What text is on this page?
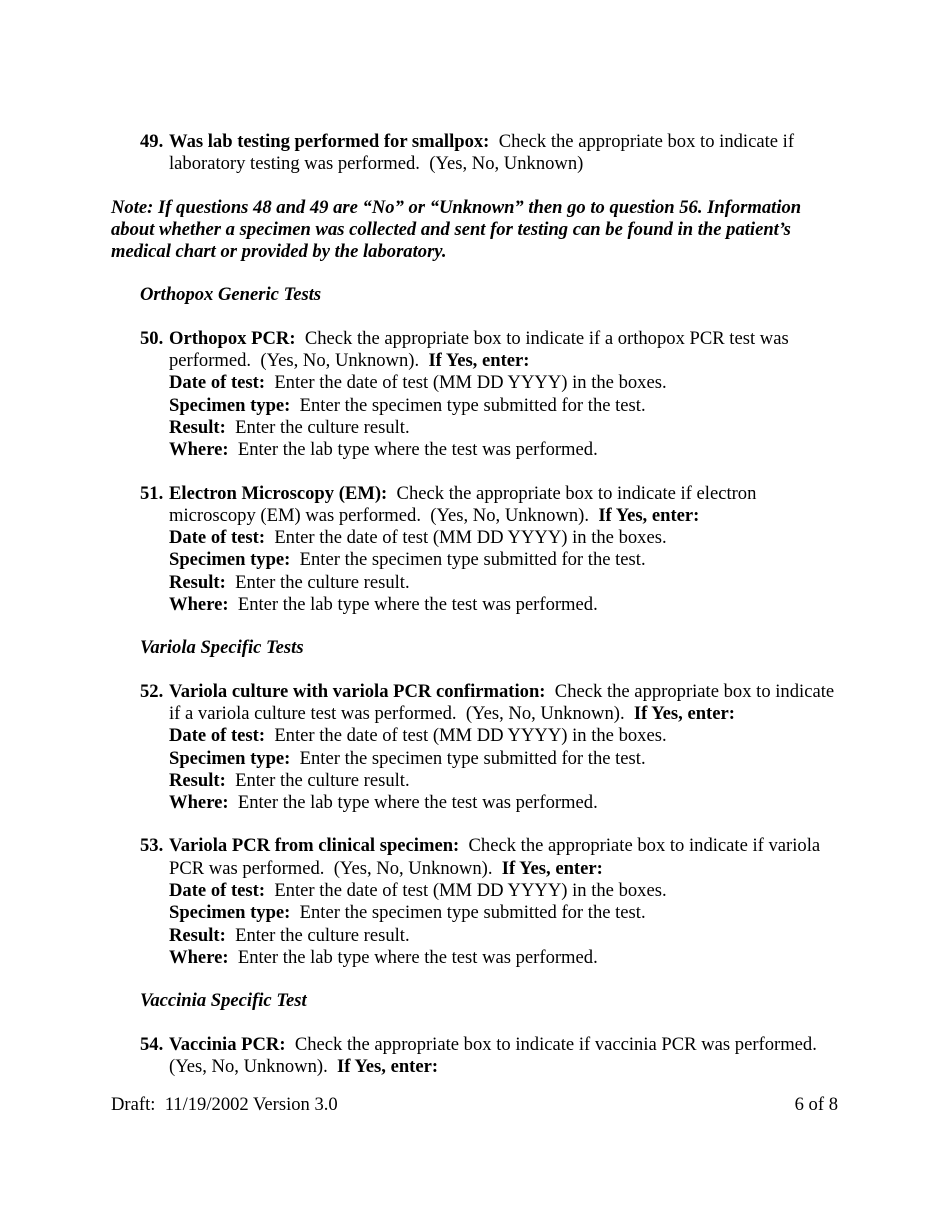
49. Was lab testing performed for smallpox:  Check the appropriate box to indicate if laboratory testing was performed.  (Yes, No, Unknown)
Note: If questions 48 and 49 are “No” or “Unknown” then go to question 56. Information about whether a specimen was collected and sent for testing can be found in the patient’s medical chart or provided by the laboratory.
Orthopox Generic Tests
50. Orthopox PCR:  Check the appropriate box to indicate if a orthopox PCR test was performed.  (Yes, No, Unknown).  If Yes, enter:
Date of test:  Enter the date of test (MM DD YYYY) in the boxes.
Specimen type:  Enter the specimen type submitted for the test.
Result:  Enter the culture result.
Where:  Enter the lab type where the test was performed.
51. Electron Microscopy (EM):  Check the appropriate box to indicate if electron microscopy (EM) was performed.  (Yes, No, Unknown).  If Yes, enter:
Date of test:  Enter the date of test (MM DD YYYY) in the boxes.
Specimen type:  Enter the specimen type submitted for the test.
Result:  Enter the culture result.
Where:  Enter the lab type where the test was performed.
Variola Specific Tests
52. Variola culture with variola PCR confirmation:  Check the appropriate box to indicate if a variola culture test was performed.  (Yes, No, Unknown).  If Yes, enter:
Date of test:  Enter the date of test (MM DD YYYY) in the boxes.
Specimen type:  Enter the specimen type submitted for the test.
Result:  Enter the culture result.
Where:  Enter the lab type where the test was performed.
53. Variola PCR from clinical specimen:  Check the appropriate box to indicate if variola PCR was performed.  (Yes, No, Unknown).  If Yes, enter:
Date of test:  Enter the date of test (MM DD YYYY) in the boxes.
Specimen type:  Enter the specimen type submitted for the test.
Result:  Enter the culture result.
Where:  Enter the lab type where the test was performed.
Vaccinia Specific Test
54. Vaccinia PCR:  Check the appropriate box to indicate if vaccinia PCR was performed.  (Yes, No, Unknown).  If Yes, enter:
Draft:  11/19/2002 Version 3.0	6 of 8
